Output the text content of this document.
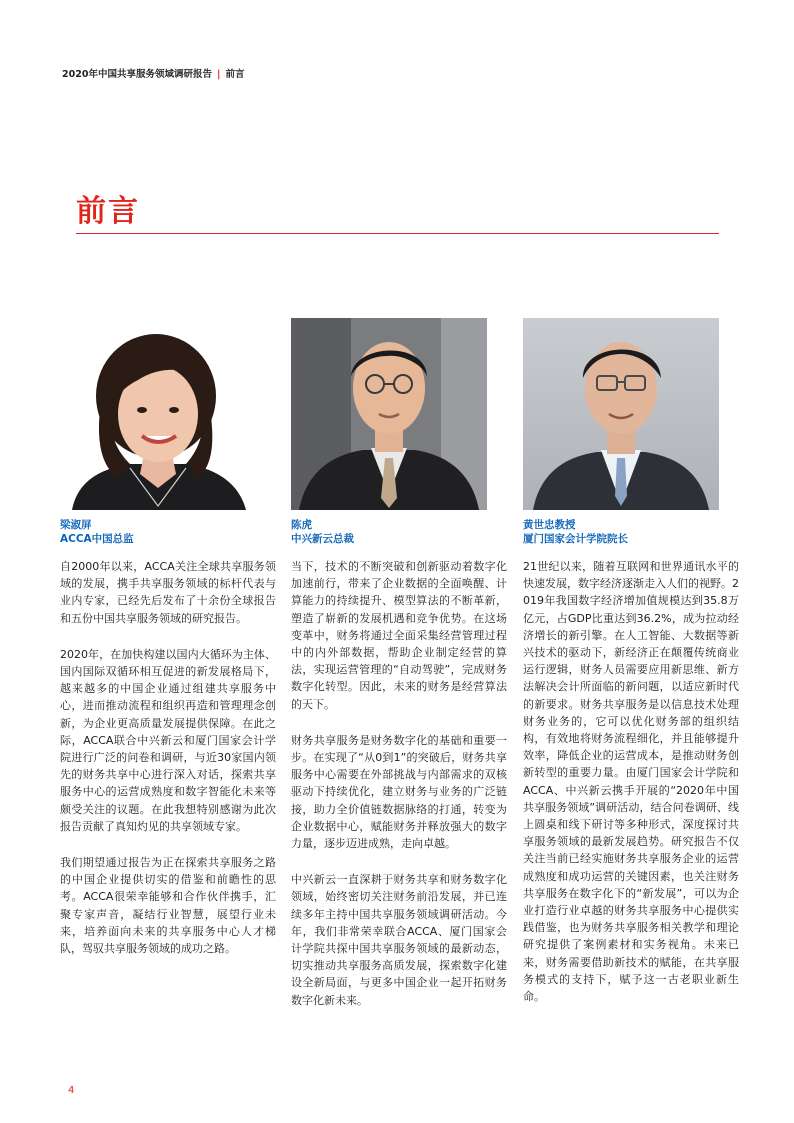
2020年中国共享服务领域调研报告 | 前言
前言
梁淑屏
ACCA中国总监

自2000年以来，ACCA关注全球共享服务领域的发展，携手共享服务领域的标杆代表与业内专家，已经先后发布了十余份全球报告和五份中国共享服务领域的研究报告。

2020年，在加快构建以国内大循环为主体、国内国际双循环相互促进的新发展格局下，越来越多的中国企业通过组建共享服务中心，进而推动流程和组织再造和管理理念创新，为企业更高质量发展提供保障。在此之际，ACCA联合中兴新云和厦门国家会计学院进行广泛的问卷和调研，与近30家国内领先的财务共享中心进行深入对话，探索共享服务中心的运营成熟度和数字智能化未来等颇受关注的议题。在此我想特别感谢为此次报告贡献了真知灼见的共享领域专家。

我们期望通过报告为正在探索共享服务之路的中国企业提供切实的借鉴和前瞻性的思考。ACCA很荣幸能够和合作伙伴携手，汇聚专家声音，凝结行业智慧，展望行业未来，培养面向未来的共享服务中心人才梯队，驾驭共享服务领域的成功之路。

陈虎
中兴新云总裁

当下，技术的不断突破和创新驱动着数字化加速前行，带来了企业数据的全面唤醒、计算能力的持续提升、模型算法的不断革新，塑造了崭新的发展机遇和竞争优势。在这场变革中，财务将通过全面采集经营管理过程中的内外部数据，帮助企业制定经营的算法，实现运营管理的“自动驾驶”，完成财务数字化转型。因此，未来的财务是经营算法的天下。

财务共享服务是财务数字化的基础和重要一步。在实现了“从0到1”的突破后，财务共享服务中心需要在外部挑战与内部需求的双核驱动下持续优化，建立财务与业务的广泛链接，助力全价值链数据脉络的打通，转变为企业数据中心，赋能财务并释放强大的数字力量，逐步迈进成熟，走向卓越。

中兴新云一直深耕于财务共享和财务数字化领域，始终密切关注财务前沿发展，并已连续多年主持中国共享服务领域调研活动。今年，我们非常荣幸联合ACCA、厦门国家会计学院共探中国共享服务领域的最新动态，切实推动共享服务高质发展，探索数字化建设全新局面，与更多中国企业一起开拓财务数字化新未来。

黄世忠教授
厦门国家会计学院院长

21世纪以来，随着互联网和世界通讯水平的快速发展，数字经济逐渐走入人们的视野。2019年我国数字经济增加值规模达到35.8万亿元，占GDP比重达到36.2%，成为拉动经济增长的新引擎。在人工智能、大数据等新兴技术的驱动下，新经济正在颠覆传统商业运行逻辑，财务人员需要应用新思维、新方法解决会计所面临的新问题，以适应新时代的新要求。财务共享服务是以信息技术处理财务业务的，它可以优化财务部的组织结构，有效地将财务流程细化，并且能够提升效率，降低企业的运营成本，是推动财务创新转型的重要力量。由厦门国家会计学院和ACCA、中兴新云携手开展的“2020年中国共享服务领域”调研活动，结合问卷调研、线上圆桌和线下研讨等多种形式，深度探讨共享服务领域的最新发展趋势。研究报告不仅关注当前已经实施财务共享服务企业的运营成熟度和成功运营的关键因素，也关注财务共享服务在数字化下的“新发展”，可以为企业打造行业卓越的财务共享服务中心提供实践借鉴，也为财务共享服务相关教学和理论研究提供了案例素材和实务视角。未来已来，财务需要借助新技术的赋能，在共享服务模式的支持下，赋予这一古老职业新生命。

4
